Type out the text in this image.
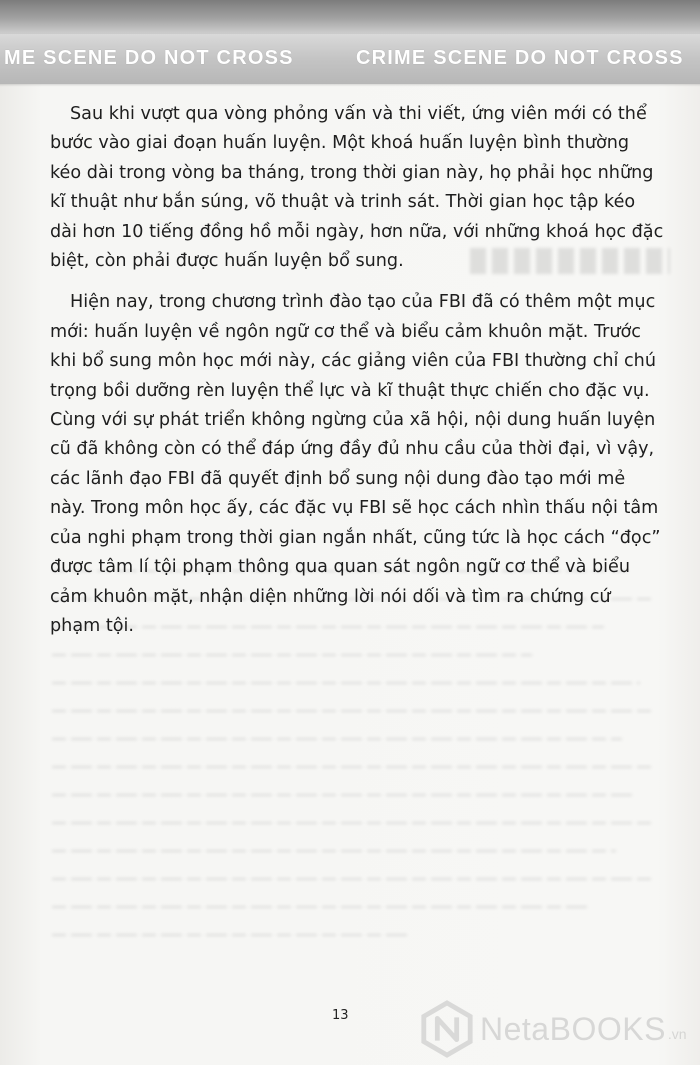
ME SCENE DO NOT CROSS	CRIME SCENE DO NOT CROSS

Sau khi vượt qua vòng phỏng vấn và thi viết, ứng viên mới có thể bước vào giai đoạn huấn luyện. Một khoá huấn luyện bình thường kéo dài trong vòng ba tháng, trong thời gian này, họ phải học những kĩ thuật như bắn súng, võ thuật và trinh sát. Thời gian học tập kéo dài hơn 10 tiếng đồng hồ mỗi ngày, hơn nữa, với những khoá học đặc biệt, còn phải được huấn luyện bổ sung.

Hiện nay, trong chương trình đào tạo của FBI đã có thêm một mục mới: huấn luyện về ngôn ngữ cơ thể và biểu cảm khuôn mặt. Trước khi bổ sung môn học mới này, các giảng viên của FBI thường chỉ chú trọng bồi dưỡng rèn luyện thể lực và kĩ thuật thực chiến cho đặc vụ. Cùng với sự phát triển không ngừng của xã hội, nội dung huấn luyện cũ đã không còn có thể đáp ứng đầy đủ nhu cầu của thời đại, vì vậy, các lãnh đạo FBI đã quyết định bổ sung nội dung đào tạo mới mẻ này. Trong môn học ấy, các đặc vụ FBI sẽ học cách nhìn thấu nội tâm của nghi phạm trong thời gian ngắn nhất, cũng tức là học cách “đọc” được tâm lí tội phạm thông qua quan sát ngôn ngữ cơ thể và biểu cảm khuôn mặt, nhận diện những lời nói dối và tìm ra chứng cứ phạm tội.

13	NetaBOOKS .vn
